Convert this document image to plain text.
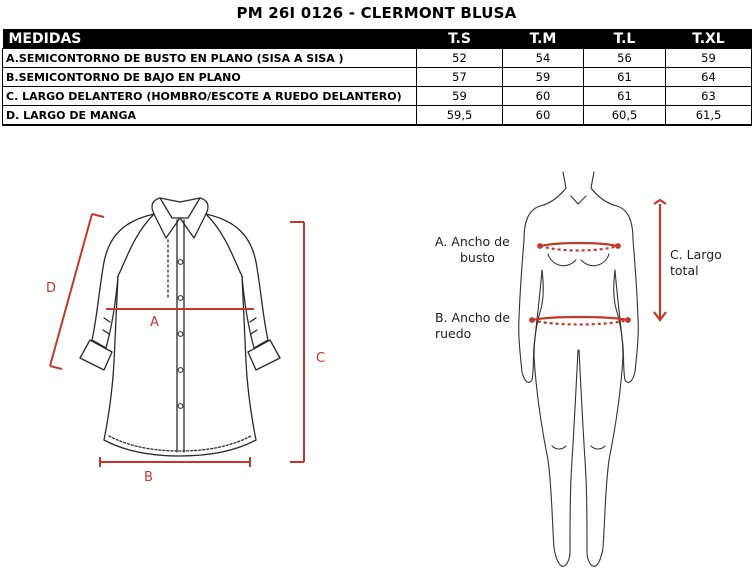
PM 26I 0126 - CLERMONT BLUSA
MEDIDAS	T.S	T.M	T.L	T.XL
A.SEMICONTORNO DE BUSTO EN PLANO (SISA A SISA )	52	54	56	59
B.SEMICONTORNO DE BAJO EN PLANO	57	59	61	64
C. LARGO DELANTERO (HOMBRO/ESCOTE A RUEDO DELANTERO)	59	60	61	63
D. LARGO DE MANGA	59,5	60	60,5	61,5
A
B
C
D
A. Ancho de
busto
B. Ancho de
ruedo
C. Largo
total
